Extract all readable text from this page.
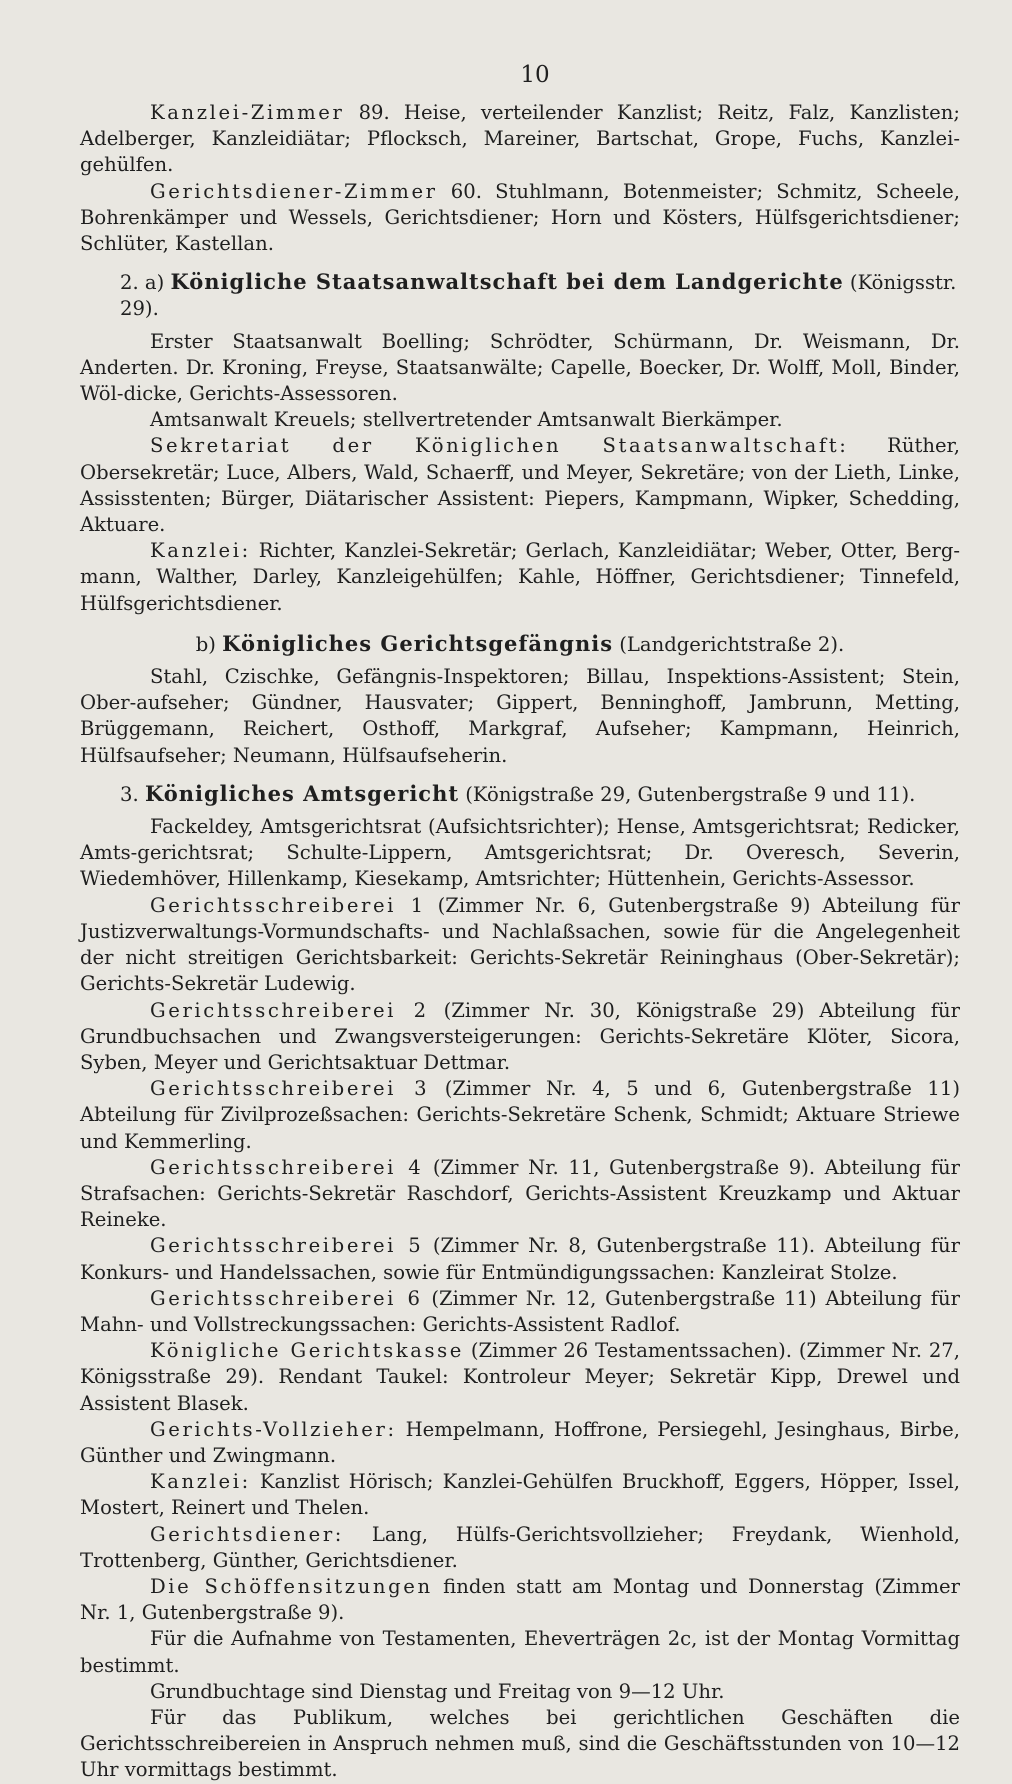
10

Kanzlei-Zimmer 89. Heise, verteilender Kanzlist; Reitz, Falz, Kanzlisten; Adelberger, Kanzleidiätar; Pflocksch, Mareiner, Bartschat, Grope, Fuchs, Kanzlei-gehülfen.

Gerichtsdiener-Zimmer 60. Stuhlmann, Botenmeister; Schmitz, Scheele, Bohrenkämper und Wessels, Gerichtsdiener; Horn und Kösters, Hülfsgerichtsdiener; Schlüter, Kastellan.

2. a) Königliche Staatsanwaltschaft bei dem Landgerichte (Königsstr. 29).

Erster Staatsanwalt Boelling; Schrödter, Schürmann, Dr. Weismann, Dr. Anderten. Dr. Kroning, Freyse, Staatsanwälte; Capelle, Boecker, Dr. Wolff, Moll, Binder, Wöl-dicke, Gerichts-Assessoren.

Amtsanwalt Kreuels; stellvertretender Amtsanwalt Bierkämper.

Sekretariat der Königlichen Staatsanwaltschaft: Rüther, Obersekretär; Luce, Albers, Wald, Schaerff, und Meyer, Sekretäre; von der Lieth, Linke, Assisstenten; Bürger, Diätarischer Assistent: Piepers, Kampmann, Wipker, Schedding, Aktuare.

Kanzlei: Richter, Kanzlei-Sekretär; Gerlach, Kanzleidiätar; Weber, Otter, Berg-mann, Walther, Darley, Kanzleigehülfen; Kahle, Höffner, Gerichtsdiener; Tinnefeld, Hülfsgerichtsdiener.

b) Königliches Gerichtsgefängnis (Landgerichtstraße 2).

Stahl, Czischke, Gefängnis-Inspektoren; Billau, Inspektions-Assistent; Stein, Ober-aufseher; Gündner, Hausvater; Gippert, Benninghoff, Jambrunn, Metting, Brüggemann, Reichert, Osthoff, Markgraf, Aufseher; Kampmann, Heinrich, Hülfsaufseher; Neumann, Hülfsaufseherin.

3. Königliches Amtsgericht (Königstraße 29, Gutenbergstraße 9 und 11).

Fackeldey, Amtsgerichtsrat (Aufsichtsrichter); Hense, Amtsgerichtsrat; Redicker, Amts-gerichtsrat; Schulte-Lippern, Amtsgerichtsrat; Dr. Overesch, Severin, Wiedemhöver, Hillenkamp, Kiesekamp, Amtsrichter; Hüttenhein, Gerichts-Assessor.

Gerichtsschreiberei 1 (Zimmer Nr. 6, Gutenbergstraße 9) Abteilung für Justizverwaltungs-Vormundschafts- und Nachlaßsachen, sowie für die Angelegenheit der nicht streitigen Gerichtsbarkeit: Gerichts-Sekretär Reininghaus (Ober-Sekretär); Gerichts-Sekretär Ludewig.

Gerichtsschreiberei 2 (Zimmer Nr. 30, Königstraße 29) Abteilung für Grundbuchsachen und Zwangsversteigerungen: Gerichts-Sekretäre Klöter, Sicora, Syben, Meyer und Gerichtsaktuar Dettmar.

Gerichtsschreiberei 3 (Zimmer Nr. 4, 5 und 6, Gutenbergstraße 11) Abteilung für Zivilprozeßsachen: Gerichts-Sekretäre Schenk, Schmidt; Aktuare Striewe und Kemmerling.

Gerichtsschreiberei 4 (Zimmer Nr. 11, Gutenbergstraße 9). Abteilung für Strafsachen: Gerichts-Sekretär Raschdorf, Gerichts-Assistent Kreuzkamp und Aktuar Reineke.

Gerichtsschreiberei 5 (Zimmer Nr. 8, Gutenbergstraße 11). Abteilung für Konkurs- und Handelssachen, sowie für Entmündigungssachen: Kanzleirat Stolze.

Gerichtsschreiberei 6 (Zimmer Nr. 12, Gutenbergstraße 11) Abteilung für Mahn- und Vollstreckungssachen: Gerichts-Assistent Radlof.

Königliche Gerichtskasse (Zimmer 26 Testamentssachen). (Zimmer Nr. 27, Königsstraße 29). Rendant Taukel: Kontroleur Meyer; Sekretär Kipp, Drewel und Assistent Blasek.

Gerichts-Vollzieher: Hempelmann, Hoffrone, Persiegehl, Jesinghaus, Birbe, Günther und Zwingmann.

Kanzlei: Kanzlist Hörisch; Kanzlei-Gehülfen Bruckhoff, Eggers, Höpper, Issel, Mostert, Reinert und Thelen.

Gerichtsdiener: Lang, Hülfs-Gerichtsvollzieher; Freydank, Wienhold, Trottenberg, Günther, Gerichtsdiener.

Die Schöffensitzungen finden statt am Montag und Donnerstag (Zimmer Nr. 1, Gutenbergstraße 9).

Für die Aufnahme von Testamenten, Eheverträgen 2c, ist der Montag Vormittag bestimmt.

Grundbuchtage sind Dienstag und Freitag von 9—12 Uhr.

Für das Publikum, welches bei gerichtlichen Geschäften die Gerichtsschreibereien in Anspruch nehmen muß, sind die Geschäftsstunden von 10—12 Uhr vormittags bestimmt.
